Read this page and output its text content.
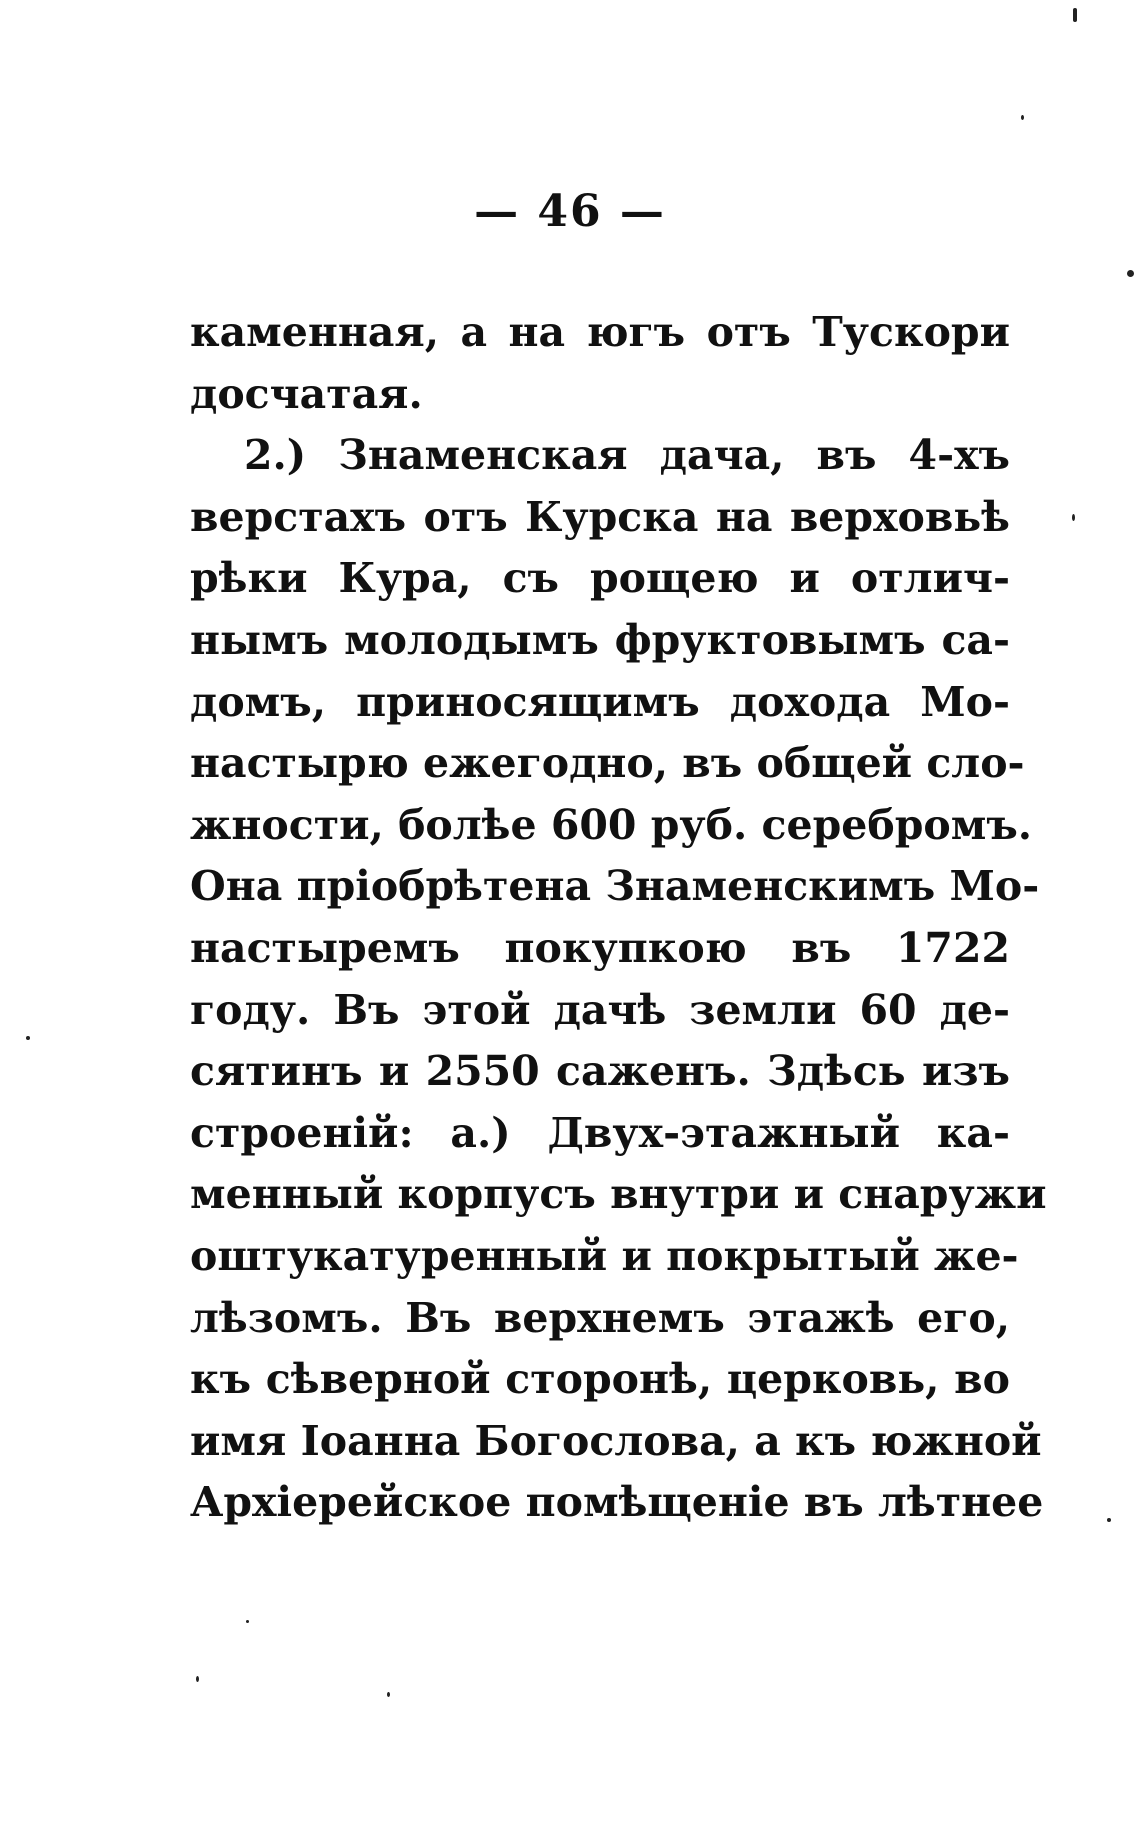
— 46 —
каменная, а на югъ отъ Тускори
досчатая.
2.) Знаменская дача, въ 4-хъ
верстахъ отъ Курска на верховьѣ
рѣки Кура, съ рощею и отлич-
нымъ молодымъ фруктовымъ са-
домъ, приносящимъ дохода Мо-
настырю ежегодно, въ общей сло-
жности, болѣе 600 руб. серебромъ.
Она пріобрѣтена Знаменскимъ Мо-
настыремъ покупкою въ 1722
году. Въ этой дачѣ земли 60 де-
сятинъ и 2550 саженъ. Здѣсь изъ
строеній: а.) Двух-этажный ка-
менный корпусъ внутри и снаружи
оштукатуренный и покрытый же-
лѣзомъ. Въ верхнемъ этажѣ его,
къ сѣверной сторонѣ, церковь, во
имя Іоанна Богослова, а къ южной
Архіерейское помѣщеніе въ лѣтнее
